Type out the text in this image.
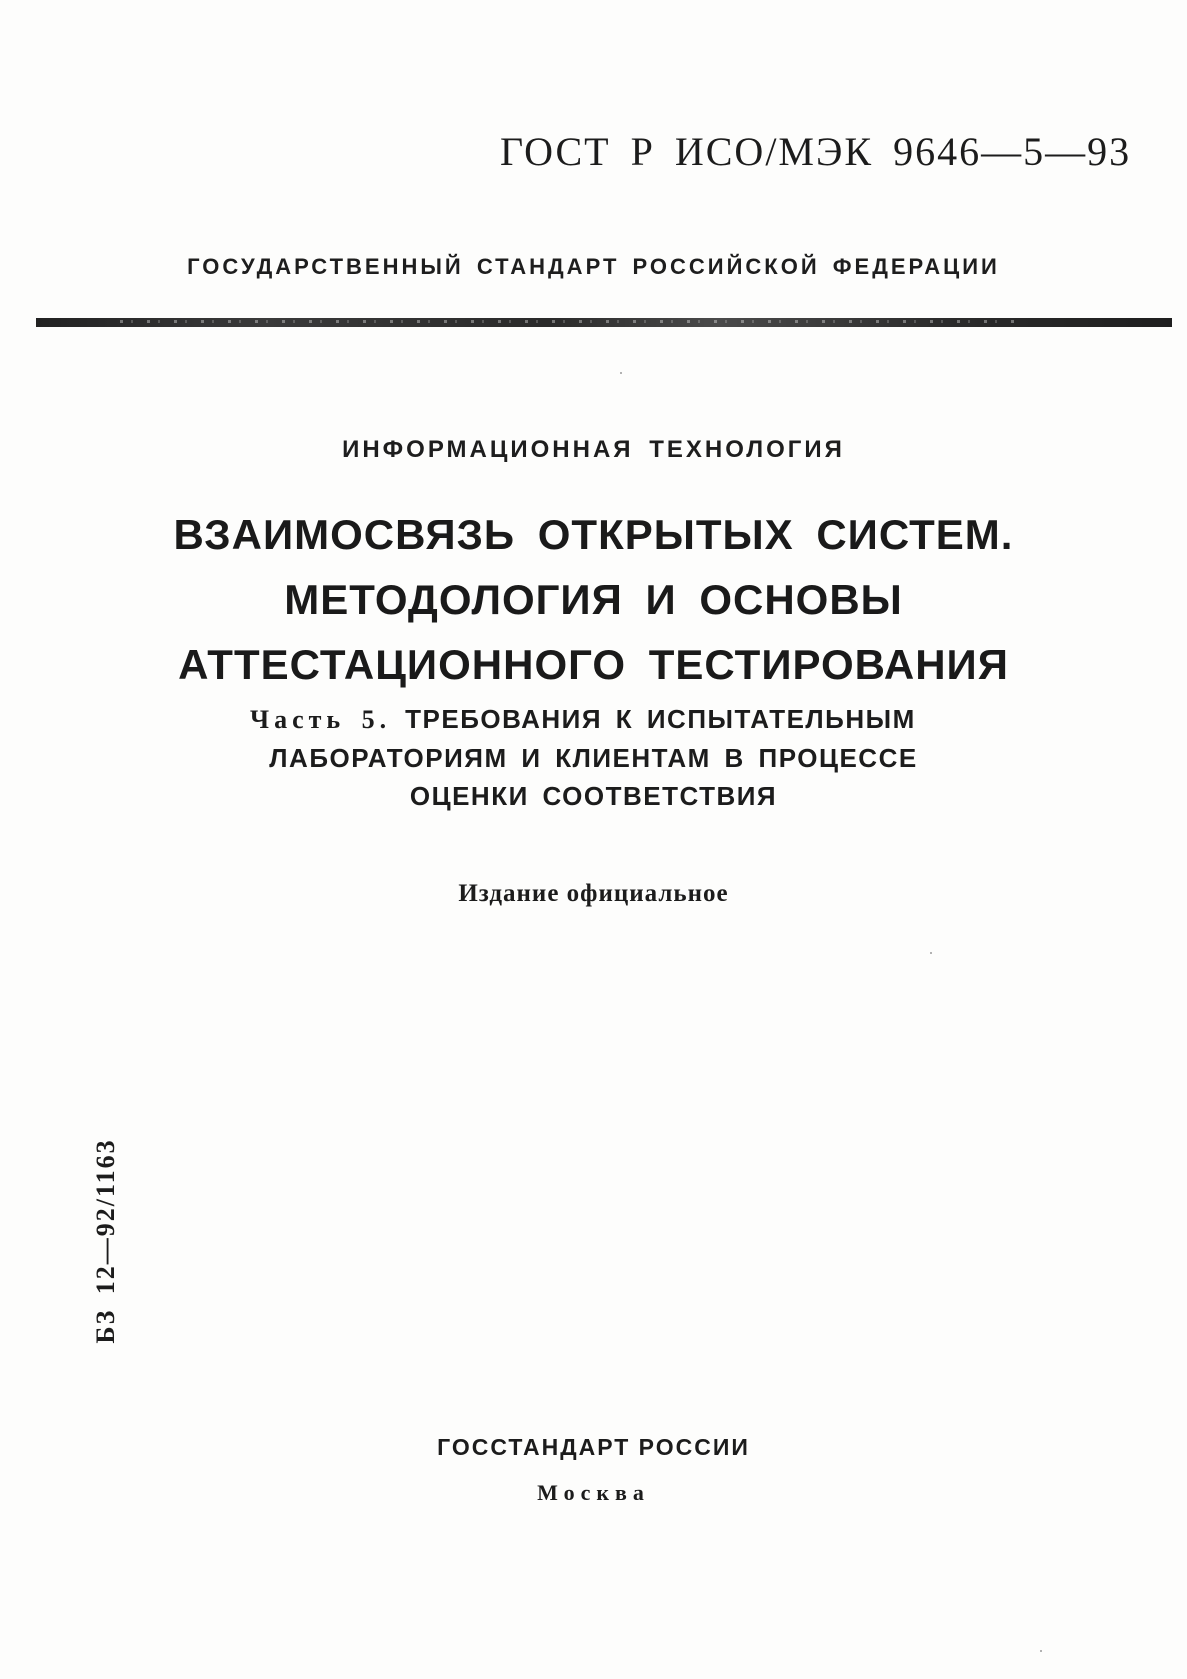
ГОСТ Р ИСО/МЭК 9646—5—93
ГОСУДАРСТВЕННЫЙ СТАНДАРТ РОССИЙСКОЙ ФЕДЕРАЦИИ
ИНФОРМАЦИОННАЯ ТЕХНОЛОГИЯ
ВЗАИМОСВЯЗЬ ОТКРЫТЫХ СИСТЕМ.
МЕТОДОЛОГИЯ И ОСНОВЫ
АТТЕСТАЦИОННОГО ТЕСТИРОВАНИЯ
Часть 5. ТРЕБОВАНИЯ К ИСПЫТАТЕЛЬНЫМ
ЛАБОРАТОРИЯМ И КЛИЕНТАМ В ПРОЦЕССЕ
ОЦЕНКИ СООТВЕТСТВИЯ
Издание официальное
БЗ 12—92/1163
ГОССТАНДАРТ РОССИИ
Москва
